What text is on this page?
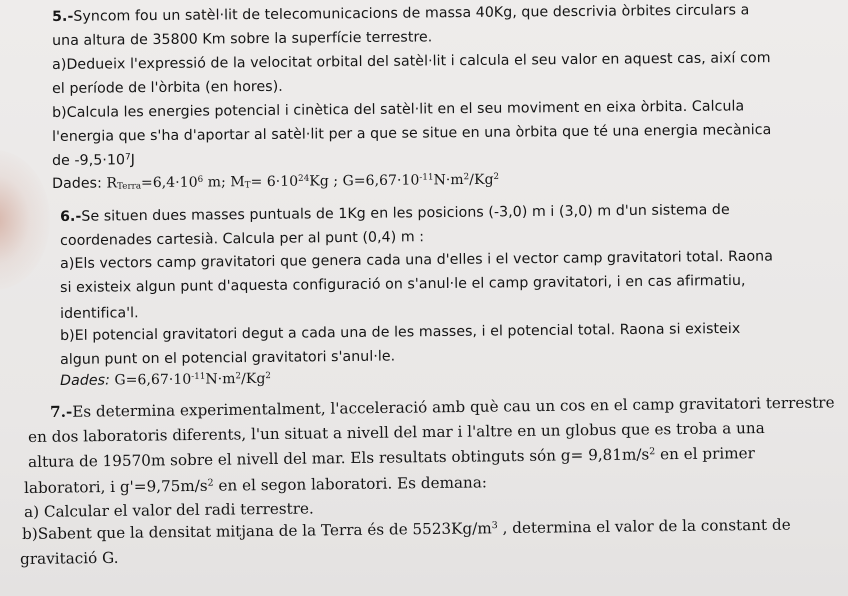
5.-Syncom fou un satèl·lit de telecomunicacions de massa 40Kg, que descrivia òrbites circulars a
una altura de 35800 Km sobre la superfície terrestre.
a)Dedueix l'expressió de la velocitat orbital del satèl·lit i calcula el seu valor en aquest cas, així com
el període de l'òrbita (en hores).
b)Calcula les energies potencial i cinètica del satèl·lit en el seu moviment en eixa òrbita. Calcula
l'energia que s'ha d'aportar al satèl·lit per a que se situe en una òrbita que té una energia mecànica
de $-9,5\cdot 10^7J$
Dades: $R_{Terra}=6,4\cdot 10^6$ m; $M_T= 6\cdot 10^{24}Kg$ ; $G=6,67\cdot 10^{-11}N\cdot m^2/Kg^2$
6.-Se situen dues masses puntuals de 1Kg en les posicions (-3,0) m i (3,0) m d'un sistema de
coordenades cartesià. Calcula per al punt (0,4) m :
a)Els vectors camp gravitatori que genera cada una d'elles i el vector camp gravitatori total. Raona
si existeix algun punt d'aquesta configuració on s'anul·le el camp gravitatori, i en cas afirmatiu,
identifica'l.
b)El potencial gravitatori degut a cada una de les masses, i el potencial total. Raona si existeix
algun punt on el potencial gravitatori s'anul·le.
Dades: $G=6,67\cdot 10^{-11}N\cdot m^2/Kg^2$
7.-Es determina experimentalment, l'acceleració amb què cau un cos en el camp gravitatori terrestre
en dos laboratoris diferents, l'un situat a nivell del mar i l'altre en un globus que es troba a una
altura de 19570m sobre el nivell del mar. Els resultats obtinguts són $g= 9,81m/s^2$ en el primer
laboratori, i $g'=9,75m/s^2$ en el segon laboratori. Es demana:
a) Calcular el valor del radi terrestre.
b)Sabent que la densitat mitjana de la Terra és de $5523Kg/m^3$ , determina el valor de la constant de
gravitació G.
